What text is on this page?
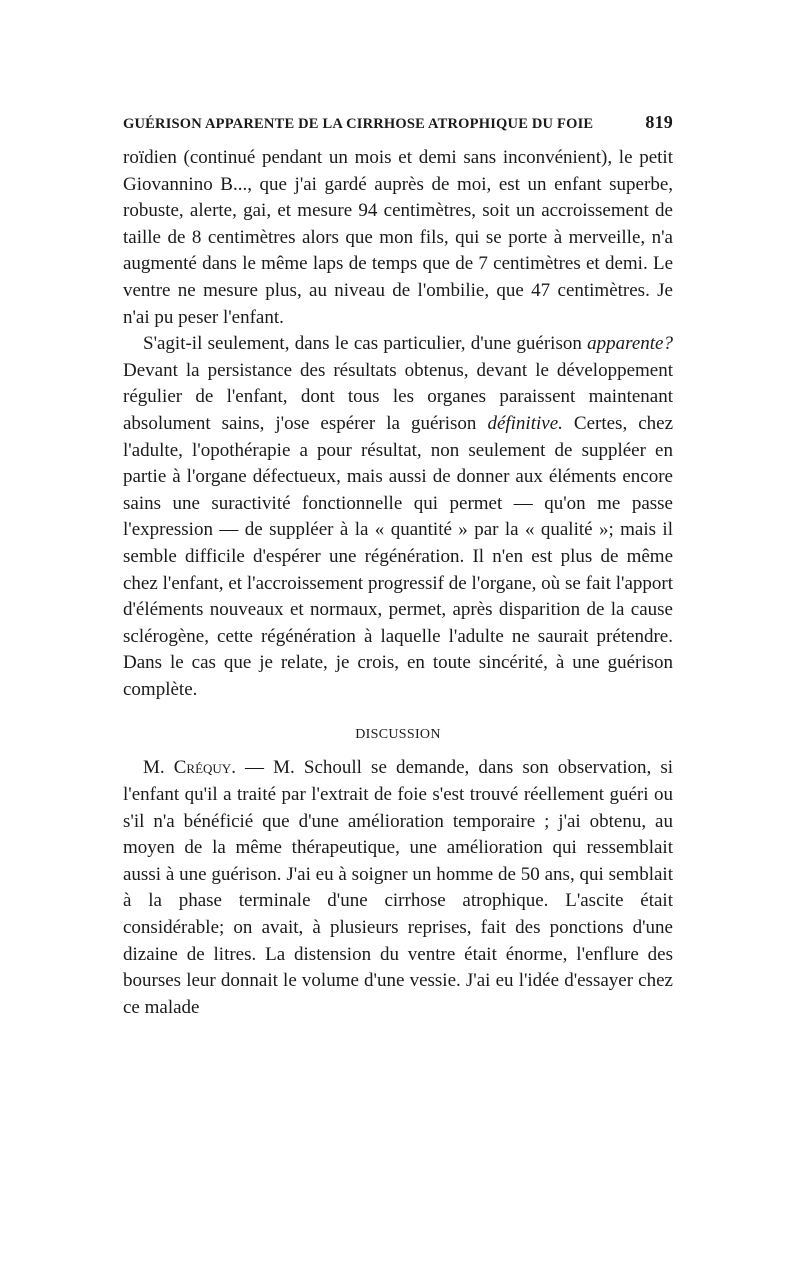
GUÉRISON APPARENTE DE LA CIRRHOSE ATROPHIQUE DU FOIE	819

roïdien (continué pendant un mois et demi sans inconvénient), le petit Giovannino B..., que j'ai gardé auprès de moi, est un enfant superbe, robuste, alerte, gai, et mesure 94 centimètres, soit un accroissement de taille de 8 centimètres alors que mon fils, qui se porte à merveille, n'a augmenté dans le même laps de temps que de 7 centimètres et demi. Le ventre ne mesure plus, au niveau de l'ombilie, que 47 centimètres. Je n'ai pu peser l'enfant.

S'agit-il seulement, dans le cas particulier, d'une guérison apparente? Devant la persistance des résultats obtenus, devant le développement régulier de l'enfant, dont tous les organes paraissent maintenant absolument sains, j'ose espérer la guérison définitive. Certes, chez l'adulte, l'opothérapie a pour résultat, non seulement de suppléer en partie à l'organe défectueux, mais aussi de donner aux éléments encore sains une suractivité fonctionnelle qui permet — qu'on me passe l'expression — de suppléer à la « quantité » par la « qualité »; mais il semble difficile d'espérer une régénération. Il n'en est plus de même chez l'enfant, et l'accroissement progressif de l'organe, où se fait l'apport d'éléments nouveaux et normaux, permet, après disparition de la cause sclérogène, cette régénération à laquelle l'adulte ne saurait prétendre. Dans le cas que je relate, je crois, en toute sincérité, à une guérison complète.

DISCUSSION

M. Créquy. — M. Schoull se demande, dans son observation, si l'enfant qu'il a traité par l'extrait de foie s'est trouvé réellement guéri ou s'il n'a bénéficié que d'une amélioration temporaire ; j'ai obtenu, au moyen de la même thérapeutique, une amélioration qui ressemblait aussi à une guérison. J'ai eu à soigner un homme de 50 ans, qui semblait à la phase terminale d'une cirrhose atrophique. L'ascite était considérable; on avait, à plusieurs reprises, fait des ponctions d'une dizaine de litres. La distension du ventre était énorme, l'enflure des bourses leur donnait le volume d'une vessie. J'ai eu l'idée d'essayer chez ce malade
